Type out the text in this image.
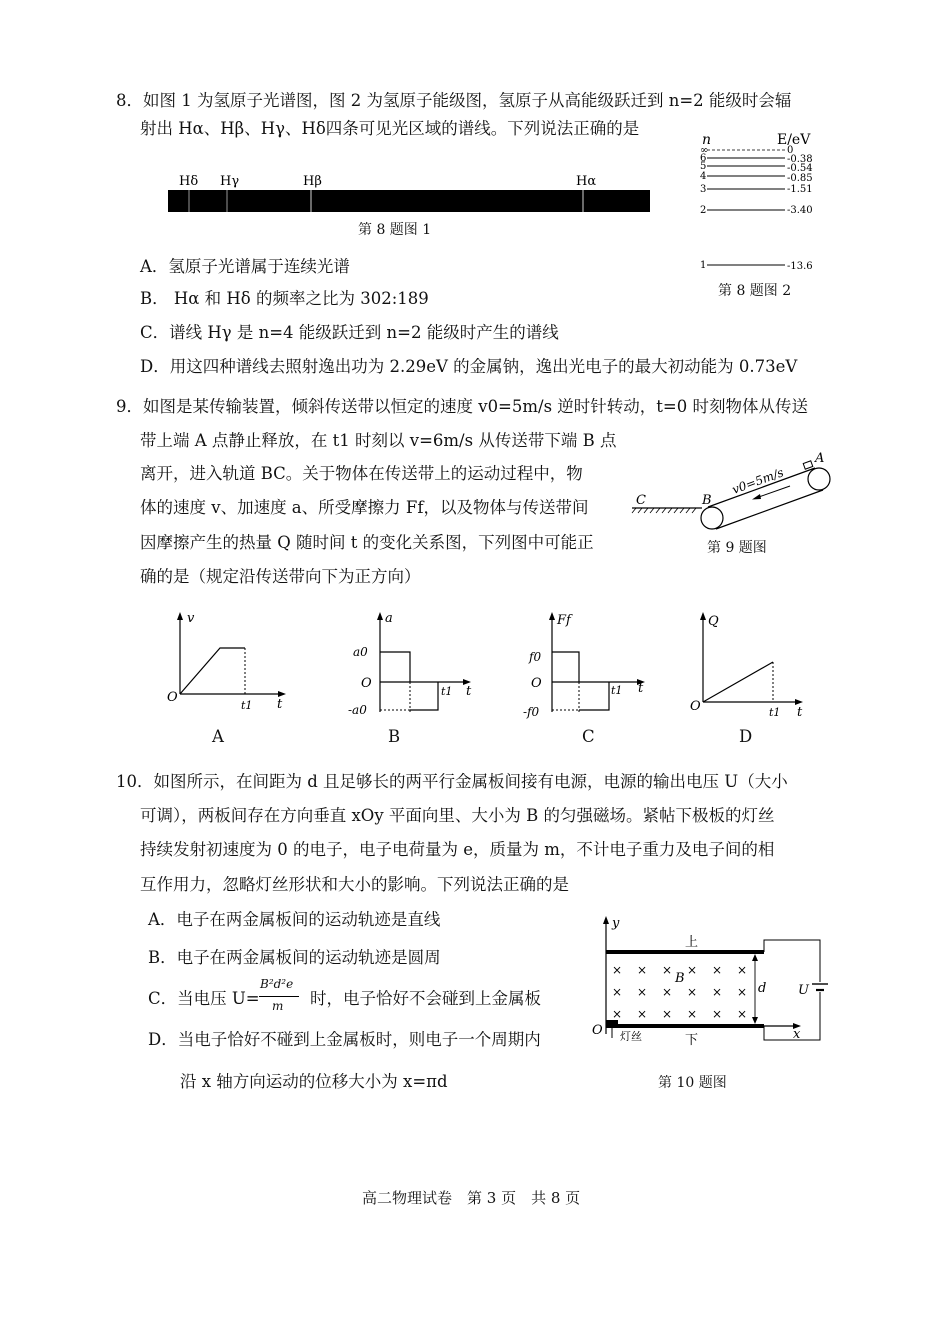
8．如图 1 为氢原子光谱图，图 2 为氢原子能级图，氢原子从高能级跃迁到 n=2 能级时会辐
射出 Hα、Hβ、Hγ、Hδ四条可见光区域的谱线。下列说法正确的是
Hδ Hγ	Hβ	Hα
第 8 题图 1
n	E/eV
∞	0
6	-0.38
5	-0.54
4	-0.85
3	-1.51
2	-3.40
1	-13.6
第 8 题图 2
A．氢原子光谱属于连续光谱
B． Hα 和 Hδ 的频率之比为 302:189
C．谱线 Hγ 是 n=4 能级跃迁到 n=2 能级时产生的谱线
D．用这四种谱线去照射逸出功为 2.29eV 的金属钠，逸出光电子的最大初动能为 0.73eV
9．如图是某传输装置，倾斜传送带以恒定的速度 v0=5m/s 逆时针转动，t=0 时刻物体从传送
带上端 A 点静止释放，在 t1 时刻以 v=6m/s 从传送带下端 B 点
离开，进入轨道 BC。关于物体在传送带上的运动过程中，物
体的速度 v、加速度 a、所受摩擦力 Ff，以及物体与传送带间
因摩擦产生的热量 Q 随时间 t 的变化关系图，下列图中可能正
确的是（规定沿传送带向下为正方向）
v0=5m/s
A
B
C
第 9 题图
v
t
O
t1
A
a
t
O
t1
a0
-a0
B
Ff
t
O	t1
f0
-f0
C
Q
t
O	t1
D
10．如图所示，在间距为 d 且足够长的两平行金属板间接有电源，电源的输出电压 U（大小
可调），两板间存在方向垂直 xOy 平面向里、大小为 B 的匀强磁场。紧帖下极板的灯丝
持续发射初速度为 0 的电子，电子电荷量为 e，质量为 m，不计电子重力及电子间的相
互作用力，忽略灯丝形状和大小的影响。下列说法正确的是
A．电子在两金属板间的运动轨迹是直线
B．电子在两金属板间的运动轨迹是圆周
C．当电压 U=
B²d²e
m 时，电子恰好不会碰到上金属板
D．当电子恰好不碰到上金属板时，则电子一个周期内
沿 x 轴方向运动的位移大小为 x=πd
y
x
O
上
下
灯丝
× × × × × ×
× × × × × ×
× × × × × ×
B
d U
第 10 题图
高二物理试卷　第 3 页　共 8 页
